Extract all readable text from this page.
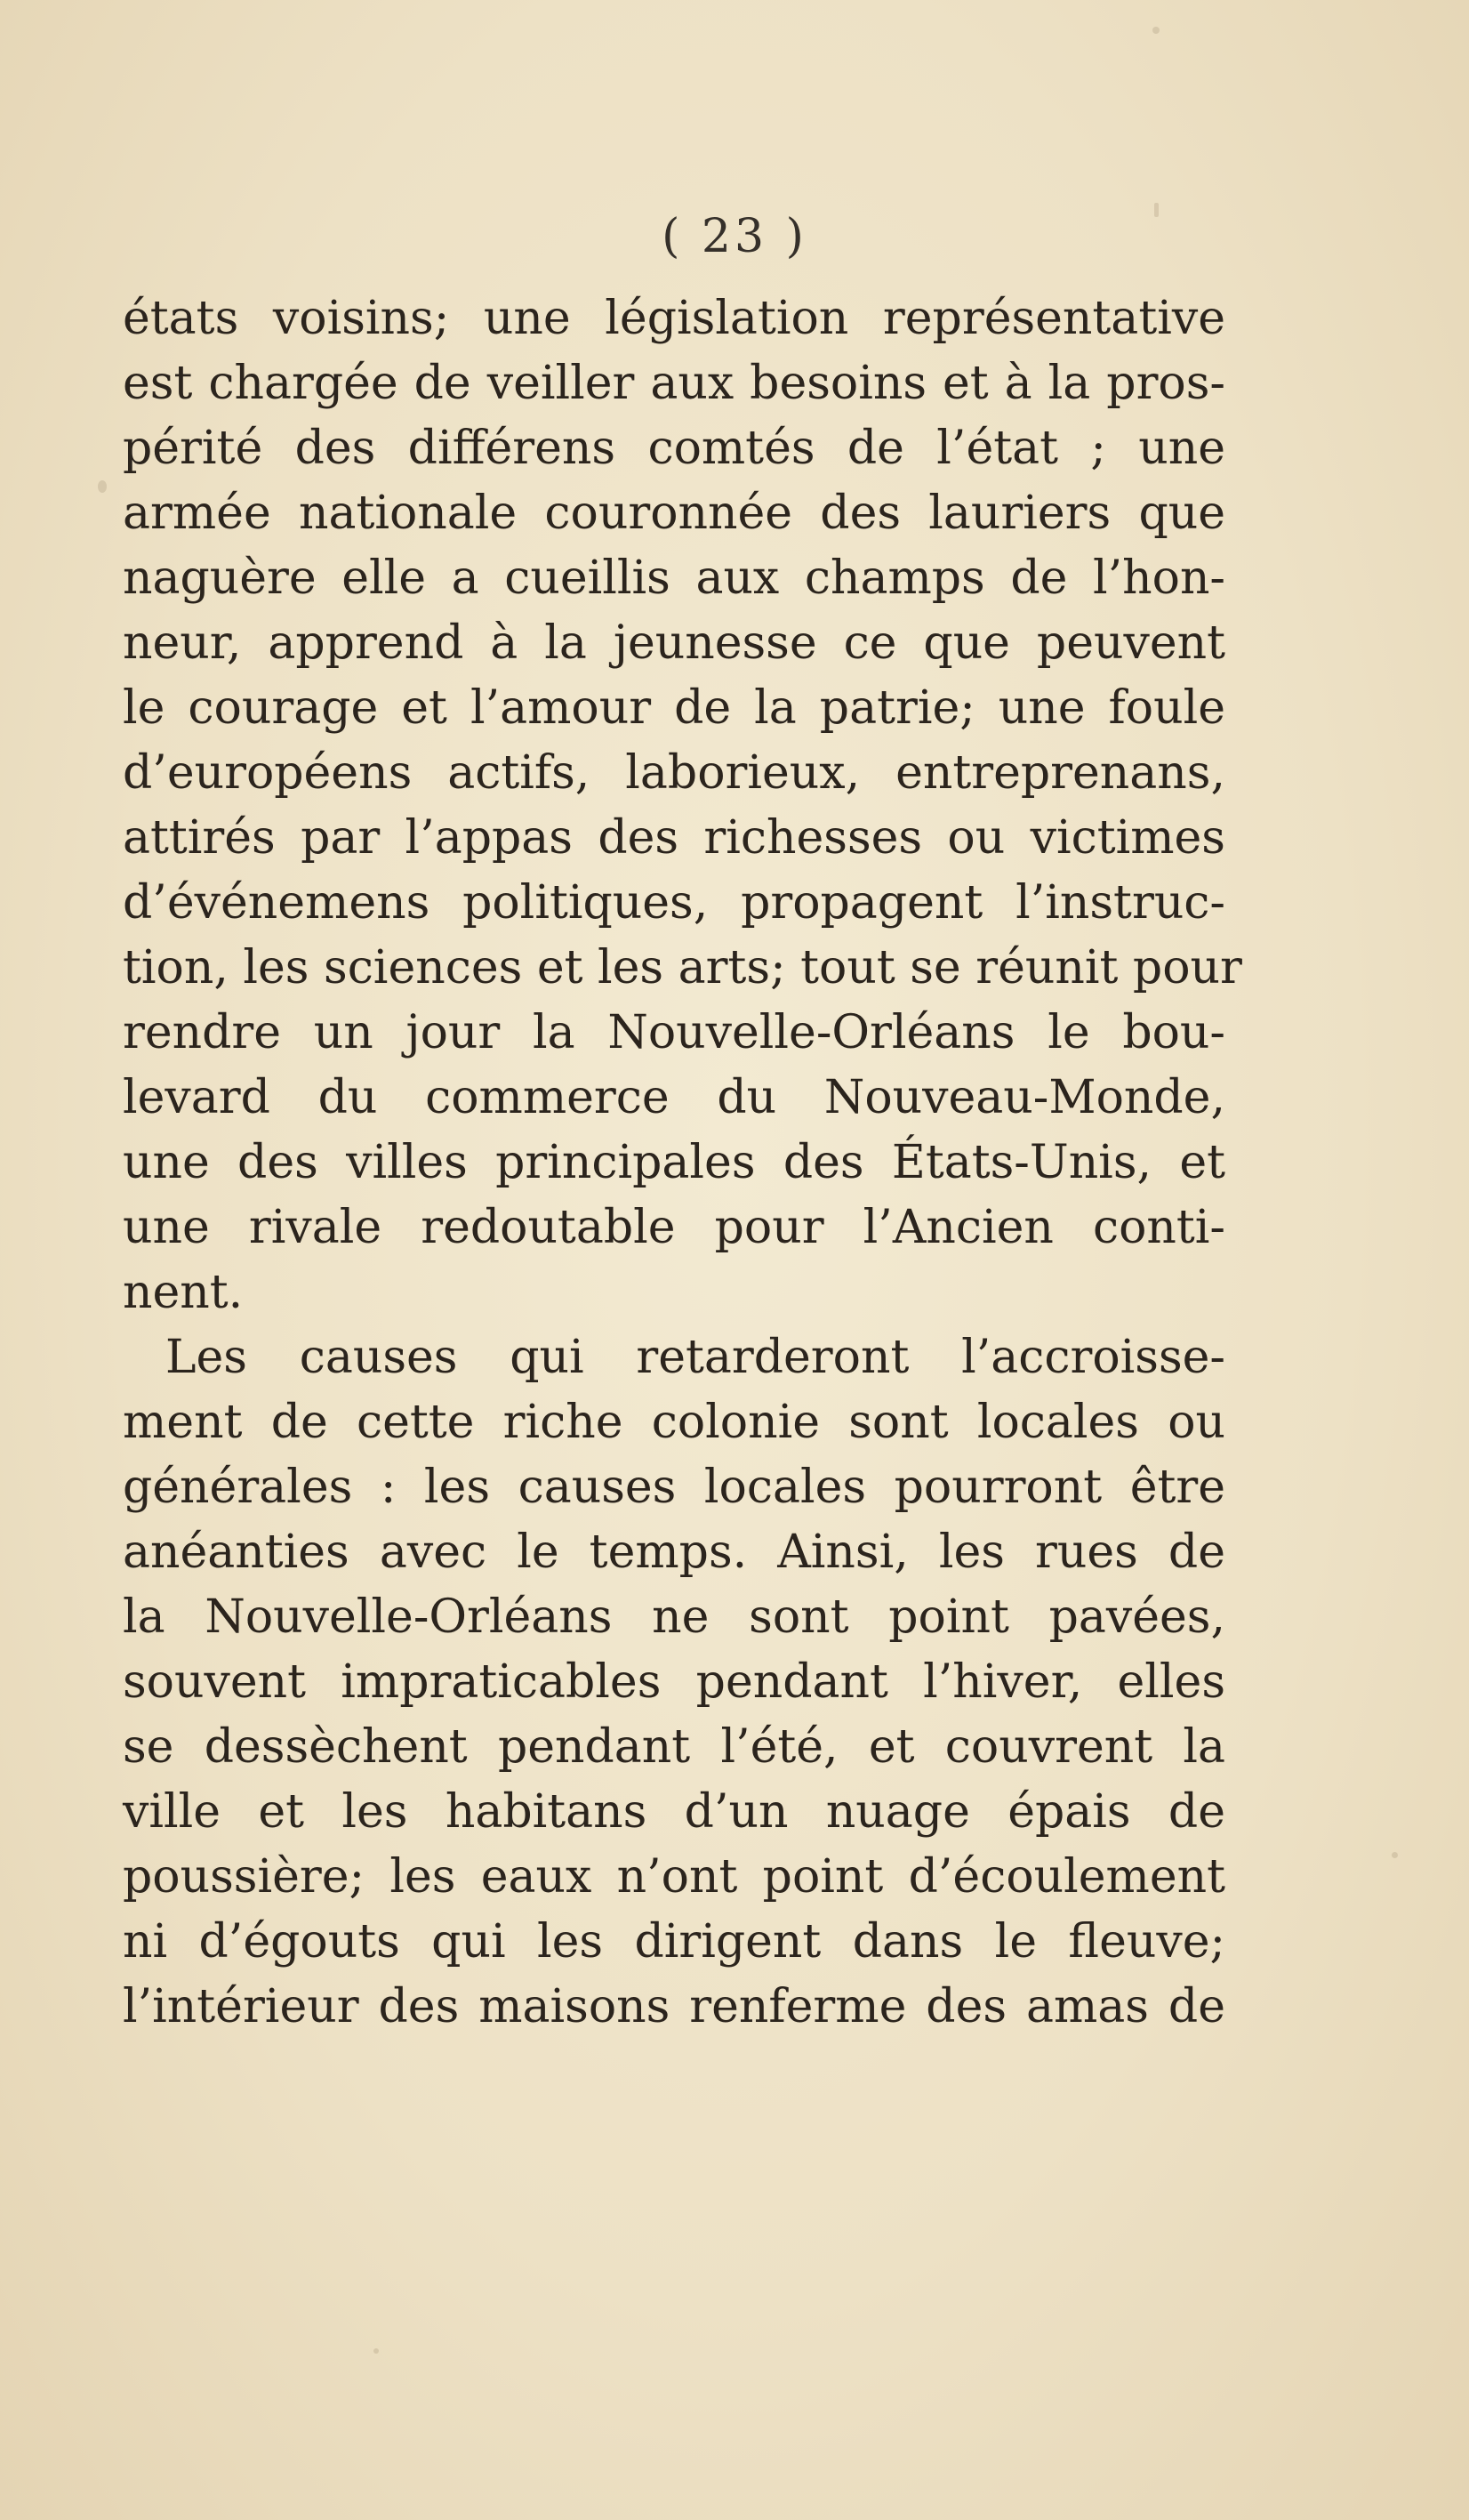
( 23 )
états voisins; une législation représentative
est chargée de veiller aux besoins et à la pros-
périté des différens comtés de l’état ; une
armée nationale couronnée des lauriers que
naguère elle a cueillis aux champs de l’hon-
neur, apprend à la jeunesse ce que peuvent
le courage et l’amour de la patrie; une foule
d’européens actifs, laborieux, entreprenans,
attirés par l’appas des richesses ou victimes
d’événemens politiques, propagent l’instruc-
tion, les sciences et les arts; tout se réunit pour
rendre un jour la Nouvelle-Orléans le bou-
levard du commerce du Nouveau-Monde,
une des villes principales des États-Unis, et
une rivale redoutable pour l’Ancien conti-
nent.
Les causes qui retarderont l’accroisse-
ment de cette riche colonie sont locales ou
générales : les causes locales pourront être
anéanties avec le temps. Ainsi, les rues de
la Nouvelle-Orléans ne sont point pavées,
souvent impraticables pendant l’hiver, elles
se dessèchent pendant l’été, et couvrent la
ville et les habitans d’un nuage épais de
poussière; les eaux n’ont point d’écoulement
ni d’égouts qui les dirigent dans le fleuve;
l’intérieur des maisons renferme des amas de
